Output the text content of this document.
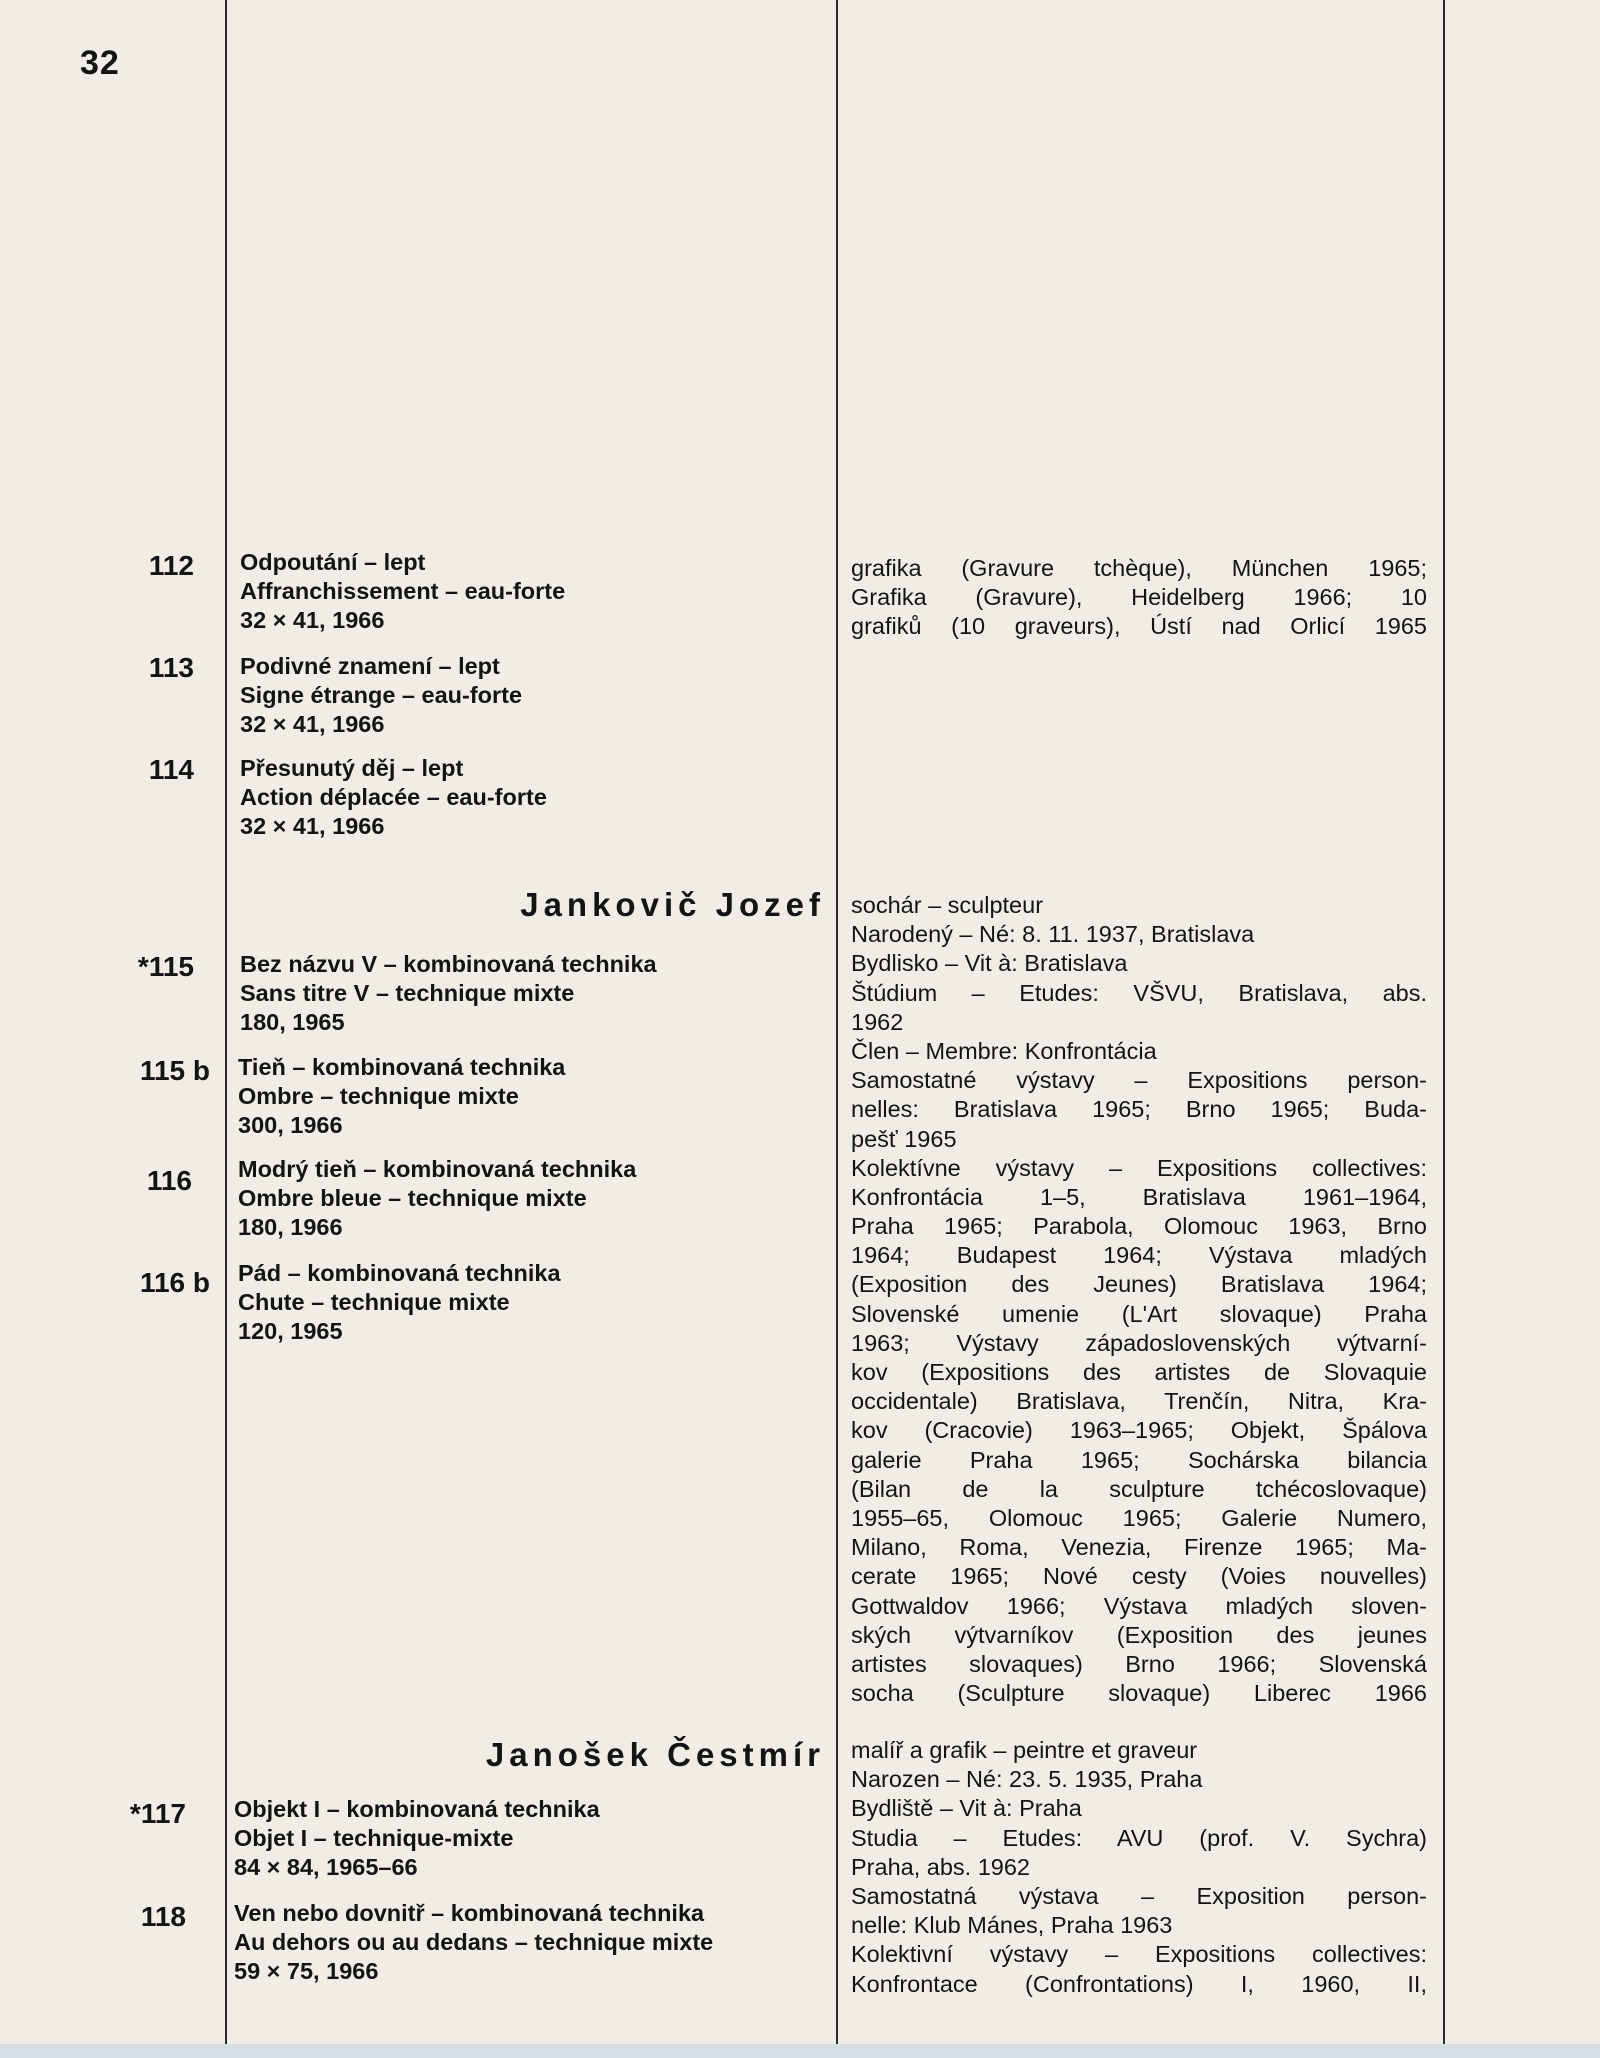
32
112 Odpoutání – lept
Affranchissement – eau-forte
32 × 41, 1966
113 Podivné znamení – lept
Signe étrange – eau-forte
32 × 41, 1966
114 Přesunutý děj – lept
Action déplacée – eau-forte
32 × 41, 1966
Jankovič Jozef
*115 Bez názvu V – kombinovaná technika
Sans titre V – technique mixte
180, 1965
115 b Tieň – kombinovaná technika
Ombre – technique mixte
300, 1966
116 Modrý tieň – kombinovaná technika
Ombre bleue – technique mixte
180, 1966
116 b Pád – kombinovaná technika
Chute – technique mixte
120, 1965
Janošek Čestmír
*117 Objekt I – kombinovaná technika
Objet I – technique-mixte
84 × 84, 1965–66
118 Ven nebo dovnitř – kombinovaná technika
Au dehors ou au dedans – technique mixte
59 × 75, 1966
grafika (Gravure tchèque), München 1965;
Grafika (Gravure), Heidelberg 1966; 10
grafiků (10 graveurs), Ústí nad Orlicí 1965
sochár – sculpteur
Narodený – Né: 8. 11. 1937, Bratislava
Bydlisko – Vit à: Bratislava
Štúdium – Etudes: VŠVU, Bratislava, abs.
1962
Člen – Membre: Konfrontácia
Samostatné výstavy – Expositions person-
nelles: Bratislava 1965; Brno 1965; Buda-
pešť 1965
Kolektívne výstavy – Expositions collectives:
Konfrontácia 1–5, Bratislava 1961–1964,
Praha 1965; Parabola, Olomouc 1963, Brno
1964; Budapest 1964; Výstava mladých
(Exposition des Jeunes) Bratislava 1964;
Slovenské umenie (L'Art slovaque) Praha
1963; Výstavy západoslovenských výtvarní-
kov (Expositions des artistes de Slovaquie
occidentale) Bratislava, Trenčín, Nitra, Kra-
kov (Cracovie) 1963–1965; Objekt, Špálova
galerie Praha 1965; Sochárska bilancia
(Bilan de la sculpture tchécoslovaque)
1955–65, Olomouc 1965; Galerie Numero,
Milano, Roma, Venezia, Firenze 1965; Ma-
cerate 1965; Nové cesty (Voies nouvelles)
Gottwaldov 1966; Výstava mladých sloven-
ských výtvarníkov (Exposition des jeunes
artistes slovaques) Brno 1966; Slovenská
socha (Sculpture slovaque) Liberec 1966
malíř a grafik – peintre et graveur
Narozen – Né: 23. 5. 1935, Praha
Bydliště – Vit à: Praha
Studia – Etudes: AVU (prof. V. Sychra)
Praha, abs. 1962
Samostatná výstava – Exposition person-
nelle: Klub Mánes, Praha 1963
Kolektivní výstavy – Expositions collectives:
Konfrontace (Confrontations) I, 1960, II,
